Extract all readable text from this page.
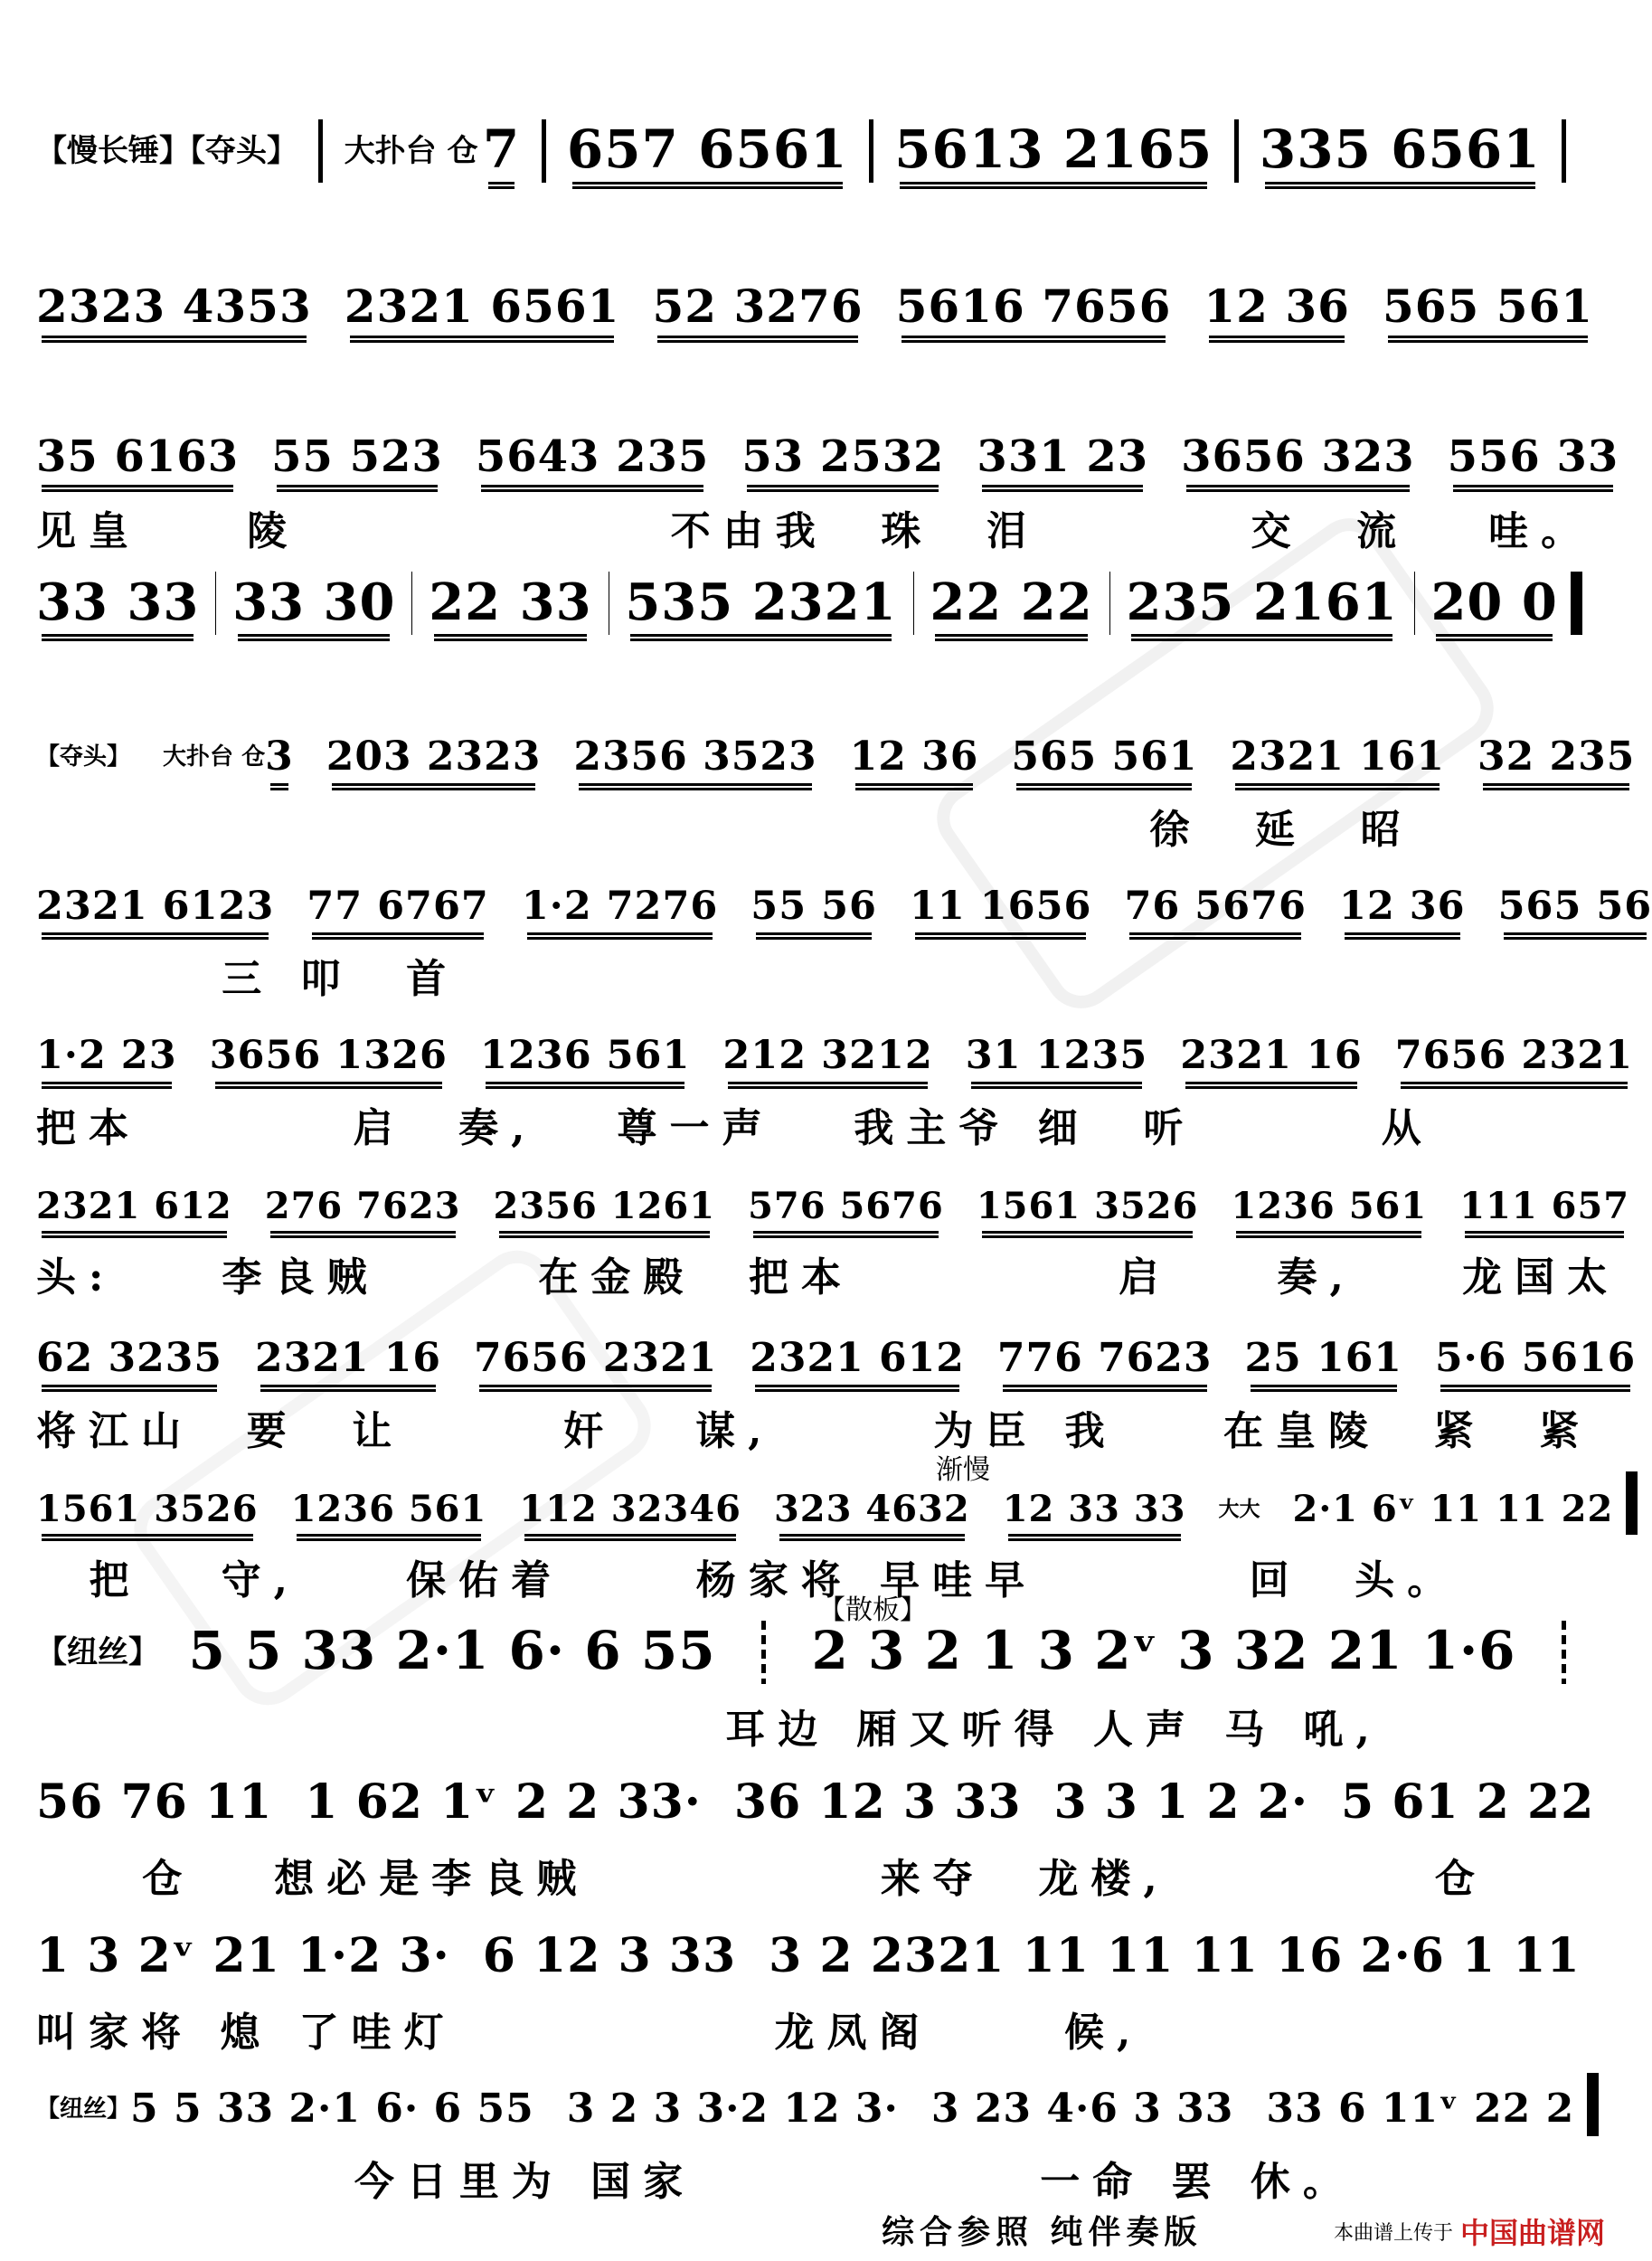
【慢长锤】【夺头】 大扑台 仓 7 657 6561 5613 2165 335 6561
2323 4353 2321 6561 52 3276 5616 7656 12 36 565 561
35 6163 55 523 5643 235 53 2532 331 23 3656 323 556 33
见皇    陵              不由我  珠  泪        交  流   哇。
33 33 33 30 22 33 535 2321 22 22 235 2161 20 0
【夺头】 大扑台 仓 3 203 2323 2356 3523 12 36 565 561 2321 161 32 235
徐  延  昭
2321 6123 77 6767 1·2 7276 55 56 11 1656 76 5676 12 36 565 56
三 叩  首
1·2 23 3656 1326 1236 561 212 3212 31 1235 2321 16 7656 2321
把本        启  奏,   尊一声   我主爷 细  听       从
2321 612 276 7623 2356 1261 576 5676 1561 3526 1236 561 111 657
头:    李良贼      在金殿  把本          启    奏,    龙国太
62 3235 2321 16 7656 2321 2321 612 776 7623 25 161 5·6 5616
将江山  要  让      奸   谋,      为臣 我    在皇陵  紧  紧
1561 3526 1236 561 112 32346 323 4632 12 33 33 大大 2·1 6ᵛ 11 11 22
把   守,    保佑着     杨家将 早哇早        回  头。
【纽丝】 5 5 33 2·1 6· 6 55 2 3 2 1 3 2ᵛ 3 32 21 1·6
耳边 厢又听得 人声 马 吼,
56 76 11 1 62 1ᵛ 2 2 33· 36 12 3 33 3 3 1 2 2· 5 61 2 22
仓   想必是李良贼           来夺  龙楼,          仓
1 3 2ᵛ 21 1·2 3· 6 12 3 33 3 2 2321 11 11 11 16 2·6 1 11
叫家将 熄 了哇灯            龙凤阁     候,
【纽丝】 5 5 33 2·1 6· 6 55 3 2 3 3·2 12 3· 3 23 4·6 3 33 33 6 11ᵛ 22 2
今日里为 国家             一命 罢 休。
渐慢
【散板】
综合参照 纯伴奏版	本曲谱上传于 中国曲谱网
